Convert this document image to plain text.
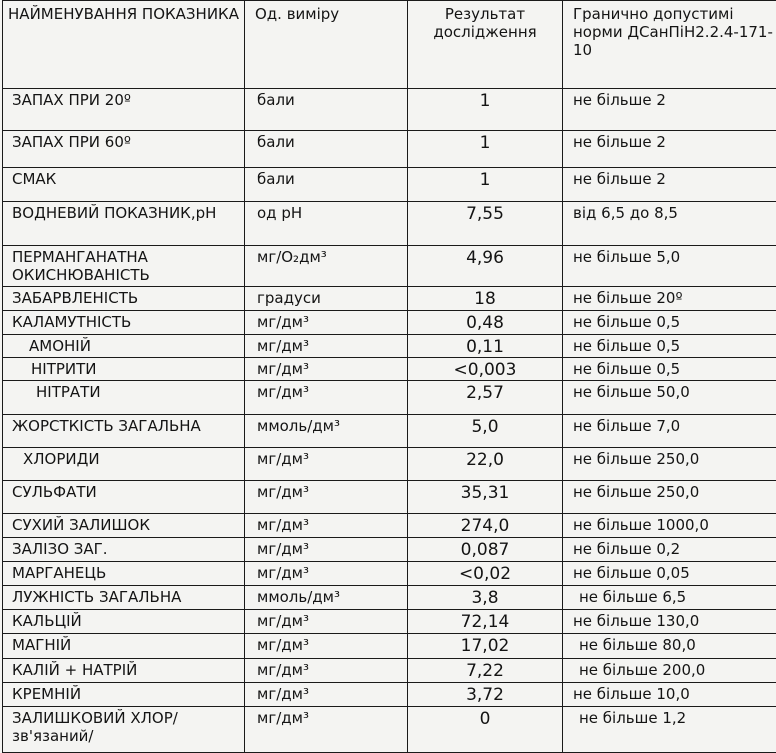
НАЙМЕНУВАННЯ ПОКАЗНИКА	Од. виміру	Результат дослідження	Гранично допустимі норми ДСанПіН2.2.4-171-10
ЗАПАХ ПРИ 20º	бали	1	не більше 2
ЗАПАХ ПРИ 60º	бали	1	не більше 2
СМАК	бали	1	не більше 2
ВОДНЕВИЙ ПОКАЗНИК,рН	од рН	7,55	від 6,5 до 8,5
ПЕРМАНГАНАТНА ОКИСНЮВАНІСТЬ	мг/O₂дм³	4,96	не більше 5,0
ЗАБАРВЛЕНІСТЬ	градуси	18	не більше 20º
КАЛАМУТНІСТЬ	мг/дм³	0,48	не більше 0,5
АМОНІЙ	мг/дм³	0,11	не більше 0,5
НІТРИТИ	мг/дм³	<0,003	не більше 0,5
НІТРАТИ	мг/дм³	2,57	не більше 50,0
ЖОРСТКІСТЬ ЗАГАЛЬНА	ммоль/дм³	5,0	не більше 7,0
ХЛОРИДИ	мг/дм³	22,0	не більше 250,0
СУЛЬФАТИ	мг/дм³	35,31	не більше 250,0
СУХИЙ ЗАЛИШОК	мг/дм³	274,0	не більше 1000,0
ЗАЛІЗО ЗАГ.	мг/дм³	0,087	не більше 0,2
МАРГАНЕЦЬ	мг/дм³	<0,02	не більше 0,05
ЛУЖНІСТЬ ЗАГАЛЬНА	ммоль/дм³	3,8	не більше 6,5
КАЛЬЦІЙ	мг/дм³	72,14	не більше 130,0
МАГНІЙ	мг/дм³	17,02	не більше 80,0
КАЛІЙ + НАТРІЙ	мг/дм³	7,22	не більше 200,0
КРЕМНІЙ	мг/дм³	3,72	не більше 10,0
ЗАЛИШКОВИЙ ХЛОР/зв'язаний/	мг/дм³	0	не більше 1,2
